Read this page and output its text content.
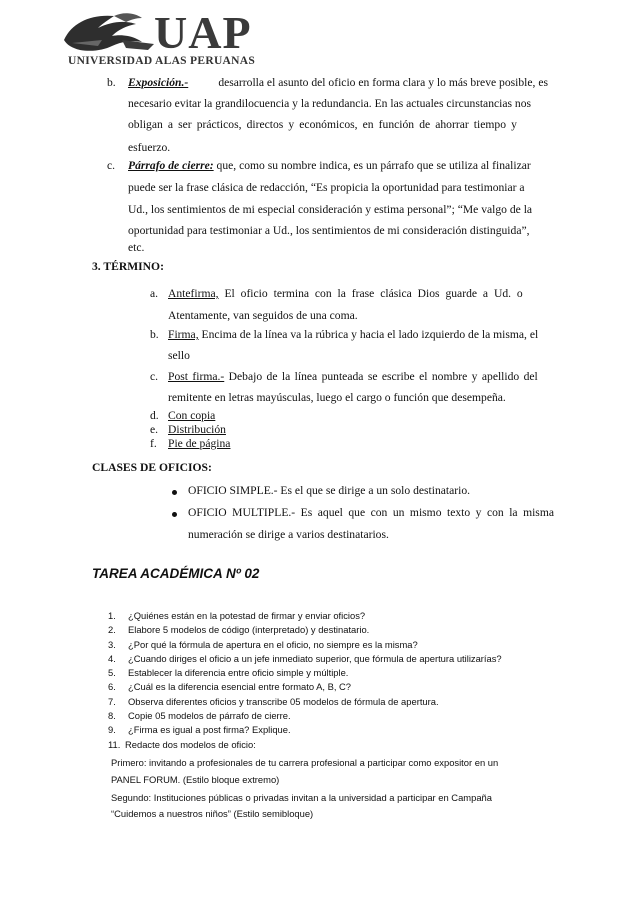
UAP
UNIVERSIDAD ALAS PERUANAS
b. Exposición.-	desarrolla el asunto del oficio en forma clara y lo más breve posible, es
necesario evitar la grandilocuencia y la redundancia. En las actuales circunstancias nos
obligan a ser prácticos, directos y económicos, en función de ahorrar tiempo y
esfuerzo.
c. Párrafo de cierre: que, como su nombre indica, es un párrafo que se utiliza al finalizar
puede ser la frase clásica de redacción, “Es propicia la oportunidad para testimoniar a
Ud., los sentimientos de mi especial consideración y estima personal”; “Me valgo de la
oportunidad para testimoniar a Ud., los sentimientos de mi consideración distinguida”,
etc.
3. TÉRMINO:
a. Antefirma, El oficio termina con la frase clásica Dios guarde a Ud. o
Atentamente, van seguidos de una coma.
b. Firma, Encima de la línea va la rúbrica y hacia el lado izquierdo de la misma, el
sello
c. Post firma.- Debajo de la línea punteada se escribe el nombre y apellido del
remitente en letras mayúsculas, luego el cargo o función que desempeña.
d. Con copia
e. Distribución
f. Pie de página
CLASES DE OFICIOS:
OFICIO SIMPLE.- Es el que se dirige a un solo destinatario.
OFICIO MULTIPLE.- Es aquel que con un mismo texto y con la misma
numeración se dirige a varios destinatarios.
TAREA ACADÉMICA Nº 02
1. ¿Quiénes están en la potestad de firmar y enviar oficios?
2. Elabore 5 modelos de código (interpretado) y destinatario.
3. ¿Por qué la fórmula de apertura en el oficio, no siempre es la misma?
4. ¿Cuando diriges el oficio a un jefe inmediato superior, que fórmula de apertura utilizarías?
5. Establecer la diferencia entre oficio simple y múltiple.
6. ¿Cuál es la diferencia esencial entre formato A, B, C?
7. Observa diferentes oficios y transcribe 05 modelos de fórmula de apertura.
8. Copie 05 modelos de párrafo de cierre.
9. ¿Firma es igual a post firma? Explique.
11. Redacte dos modelos de oficio:
Primero: invitando a profesionales de tu carrera profesional a participar como expositor en un
PANEL FORUM. (Estilo bloque extremo)
Segundo: Instituciones públicas o privadas invitan a la universidad a participar en Campaña
“Cuidemos a nuestros niños” (Estilo semibloque)
